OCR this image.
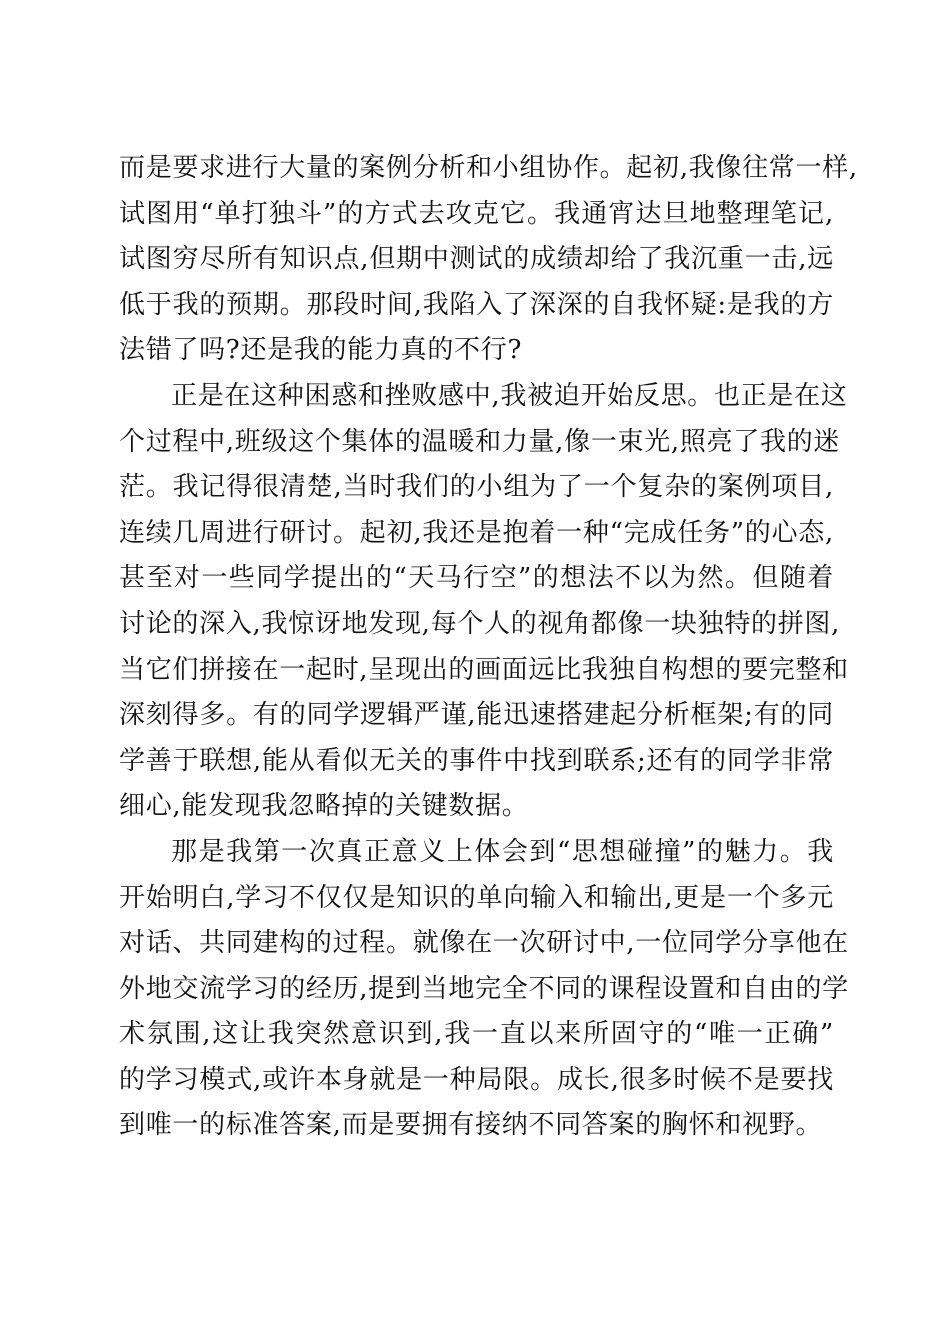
而是要求进行大量的案例分析和小组协作。起初,我像往常一样,
试图用“单打独斗”的方式去攻克它。我通宵达旦地整理笔记,
试图穷尽所有知识点,但期中测试的成绩却给了我沉重一击,远
低于我的预期。那段时间,我陷入了深深的自我怀疑:是我的方
法错了吗?还是我的能力真的不行?
正是在这种困惑和挫败感中,我被迫开始反思。也正是在这
个过程中,班级这个集体的温暖和力量,像一束光,照亮了我的迷
茫。我记得很清楚,当时我们的小组为了一个复杂的案例项目,
连续几周进行研讨。起初,我还是抱着一种“完成任务”的心态,
甚至对一些同学提出的“天马行空”的想法不以为然。但随着
讨论的深入,我惊讶地发现,每个人的视角都像一块独特的拼图,
当它们拼接在一起时,呈现出的画面远比我独自构想的要完整和
深刻得多。有的同学逻辑严谨,能迅速搭建起分析框架;有的同
学善于联想,能从看似无关的事件中找到联系;还有的同学非常
细心,能发现我忽略掉的关键数据。
那是我第一次真正意义上体会到“思想碰撞”的魅力。我
开始明白,学习不仅仅是知识的单向输入和输出,更是一个多元
对话、共同建构的过程。就像在一次研讨中,一位同学分享他在
外地交流学习的经历,提到当地完全不同的课程设置和自由的学
术氛围,这让我突然意识到,我一直以来所固守的“唯一正确”
的学习模式,或许本身就是一种局限。成长,很多时候不是要找
到唯一的标准答案,而是要拥有接纳不同答案的胸怀和视野。
